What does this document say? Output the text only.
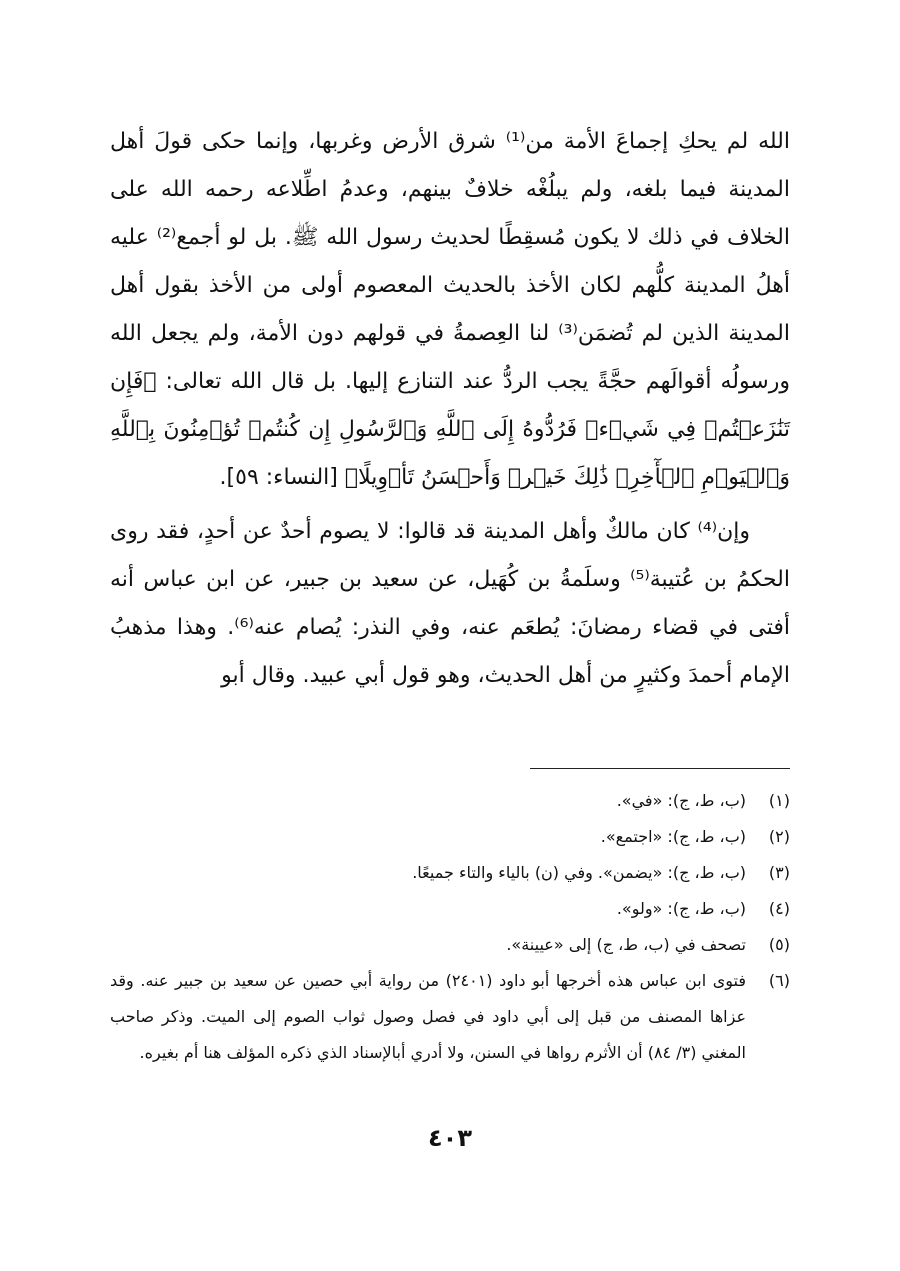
الله لم يحكِ إجماعَ الأمة من⁽¹⁾ شرق الأرض وغربها، وإنما حكى قولَ أهل المدينة فيما بلغه، ولم يبلُغْه خلافٌ بينهم، وعدمُ اطِّلاعه رحمه الله على الخلاف في ذلك لا يكون مُسقِطًا لحديث رسول الله ﷺ. بل لو أجمع⁽²⁾ عليه أهلُ المدينة كلُّهم لكان الأخذ بالحديث المعصوم أولى من الأخذ بقول أهل المدينة الذين لم تُضمَن⁽³⁾ لنا العِصمةُ في قولهم دون الأمة، ولم يجعل الله ورسولُه أقوالَهم حجَّةً يجب الردُّ عند التنازع إليها. بل قال الله تعالى: ﴿فَإِن تَنَٰزَعۡتُمۡ فِي شَيۡءٖ فَرُدُّوهُ إِلَى ٱللَّهِ وَٱلرَّسُولِ إِن كُنتُمۡ تُؤۡمِنُونَ بِٱللَّهِ وَٱلۡيَوۡمِ ٱلۡأٓخِرِۚ ذَٰلِكَ خَيۡرٞ وَأَحۡسَنُ تَأۡوِيلًا﴾ [النساء: ٥٩].

وإن⁽⁴⁾ كان مالكٌ وأهل المدينة قد قالوا: لا يصوم أحدٌ عن أحدٍ، فقد روى الحكمُ بن عُتيبة⁽⁵⁾ وسلَمةُ بن كُهَيل، عن سعيد بن جبير، عن ابن عباس أنه أفتى في قضاء رمضانَ: يُطعَم عنه، وفي النذر: يُصام عنه⁽⁶⁾. وهذا مذهبُ الإمام أحمدَ وكثيرٍ من أهل الحديث، وهو قول أبي عبيد. وقال أبو

(١)
(ب، ط، ج): «في».
(٢)
(ب، ط، ج): «اجتمع».
(٣)
(ب، ط، ج): «يضمن». وفي (ن) بالياء والتاء جميعًا.
(٤)
(ب، ط، ج): «ولو».
(٥)
تصحف في (ب، ط، ج) إلى «عيينة».
(٦)
فتوى ابن عباس هذه أخرجها أبو داود (٢٤٠١) من رواية أبي حصين عن سعيد بن جبير عنه. وقد عزاها المصنف من قبل إلى أبي داود في فصل وصول ثواب الصوم إلى الميت. وذكر صاحب المغني (٣/ ٨٤) أن الأثرم رواها في السنن، ولا أدري أبالإسناد الذي ذكره المؤلف هنا أم بغيره.
٤٠٣
